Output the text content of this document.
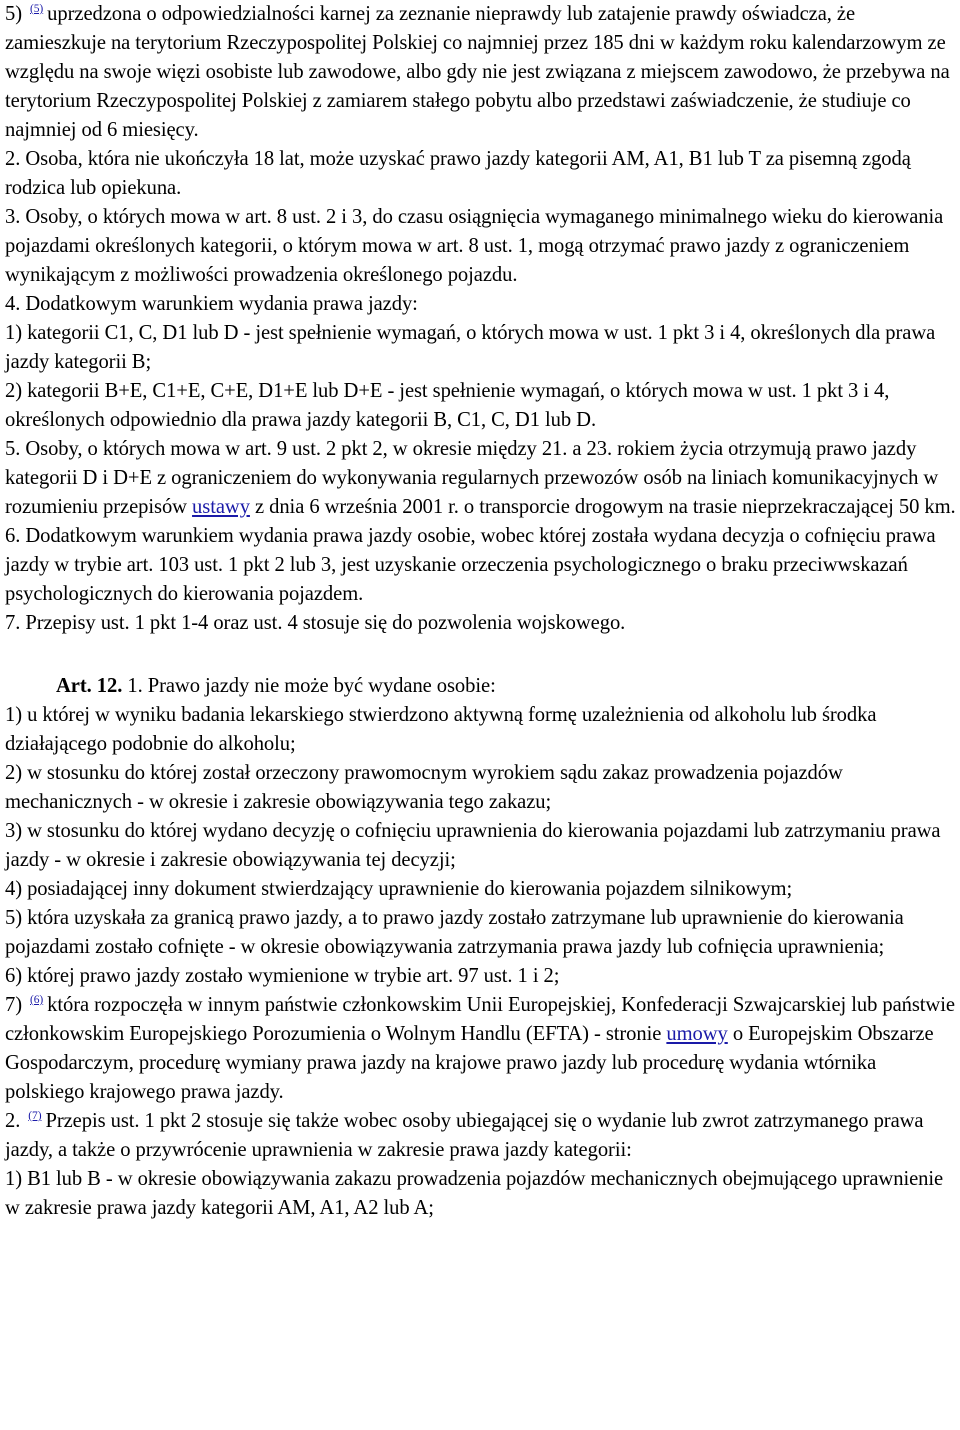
5) $^{(5)}$ uprzedzona o odpowiedzialności karnej za zeznanie nieprawdy lub zatajenie prawdy oświadcza, że zamieszkuje na terytorium Rzeczypospolitej Polskiej co najmniej przez 185 dni w każdym roku kalendarzowym ze względu na swoje więzi osobiste lub zawodowe, albo gdy nie jest związana z miejscem zawodowo, że przebywa na terytorium Rzeczypospolitej Polskiej z zamiarem stałego pobytu albo przedstawi zaświadczenie, że studiuje co najmniej od 6 miesięcy.

2. Osoba, która nie ukończyła 18 lat, może uzyskać prawo jazdy kategorii AM, A1, B1 lub T za pisemną zgodą rodzica lub opiekuna.

3. Osoby, o których mowa w art. 8 ust. 2 i 3, do czasu osiągnięcia wymaganego minimalnego wieku do kierowania pojazdami określonych kategorii, o którym mowa w art. 8 ust. 1, mogą otrzymać prawo jazdy z ograniczeniem wynikającym z możliwości prowadzenia określonego pojazdu.

4. Dodatkowym warunkiem wydania prawa jazdy:

1) kategorii C1, C, D1 lub D - jest spełnienie wymagań, o których mowa w ust. 1 pkt 3 i 4, określonych dla prawa jazdy kategorii B;

2) kategorii B+E, C1+E, C+E, D1+E lub D+E - jest spełnienie wymagań, o których mowa w ust. 1 pkt 3 i 4, określonych odpowiednio dla prawa jazdy kategorii B, C1, C, D1 lub D.

5. Osoby, o których mowa w art. 9 ust. 2 pkt 2, w okresie między 21. a 23. rokiem życia otrzymują prawo jazdy kategorii D i D+E z ograniczeniem do wykonywania regularnych przewozów osób na liniach komunikacyjnych w rozumieniu przepisów ustawy z dnia 6 września 2001 r. o transporcie drogowym na trasie nieprzekraczającej 50 km.

6. Dodatkowym warunkiem wydania prawa jazdy osobie, wobec której została wydana decyzja o cofnięciu prawa jazdy w trybie art. 103 ust. 1 pkt 2 lub 3, jest uzyskanie orzeczenia psychologicznego o braku przeciwwskazań psychologicznych do kierowania pojazdem.

7. Przepisy ust. 1 pkt 1-4 oraz ust. 4 stosuje się do pozwolenia wojskowego.

Art. 12. 1. Prawo jazdy nie może być wydane osobie:

1) u której w wyniku badania lekarskiego stwierdzono aktywną formę uzależnienia od alkoholu lub środka działającego podobnie do alkoholu;

2) w stosunku do której został orzeczony prawomocnym wyrokiem sądu zakaz prowadzenia pojazdów mechanicznych - w okresie i zakresie obowiązywania tego zakazu;

3) w stosunku do której wydano decyzję o cofnięciu uprawnienia do kierowania pojazdami lub zatrzymaniu prawa jazdy - w okresie i zakresie obowiązywania tej decyzji;

4) posiadającej inny dokument stwierdzający uprawnienie do kierowania pojazdem silnikowym;

5) która uzyskała za granicą prawo jazdy, a to prawo jazdy zostało zatrzymane lub uprawnienie do kierowania pojazdami zostało cofnięte - w okresie obowiązywania zatrzymania prawa jazdy lub cofnięcia uprawnienia;

6) której prawo jazdy zostało wymienione w trybie art. 97 ust. 1 i 2;

7) $^{(6)}$ która rozpoczęła w innym państwie członkowskim Unii Europejskiej, Konfederacji Szwajcarskiej lub państwie członkowskim Europejskiego Porozumienia o Wolnym Handlu (EFTA) - stronie umowy o Europejskim Obszarze Gospodarczym, procedurę wymiany prawa jazdy na krajowe prawo jazdy lub procedurę wydania wtórnika polskiego krajowego prawa jazdy.

2. $^{(7)}$ Przepis ust. 1 pkt 2 stosuje się także wobec osoby ubiegającej się o wydanie lub zwrot zatrzymanego prawa jazdy, a także o przywrócenie uprawnienia w zakresie prawa jazdy kategorii:

1) B1 lub B - w okresie obowiązywania zakazu prowadzenia pojazdów mechanicznych obejmującego uprawnienie w zakresie prawa jazdy kategorii AM, A1, A2 lub A;
